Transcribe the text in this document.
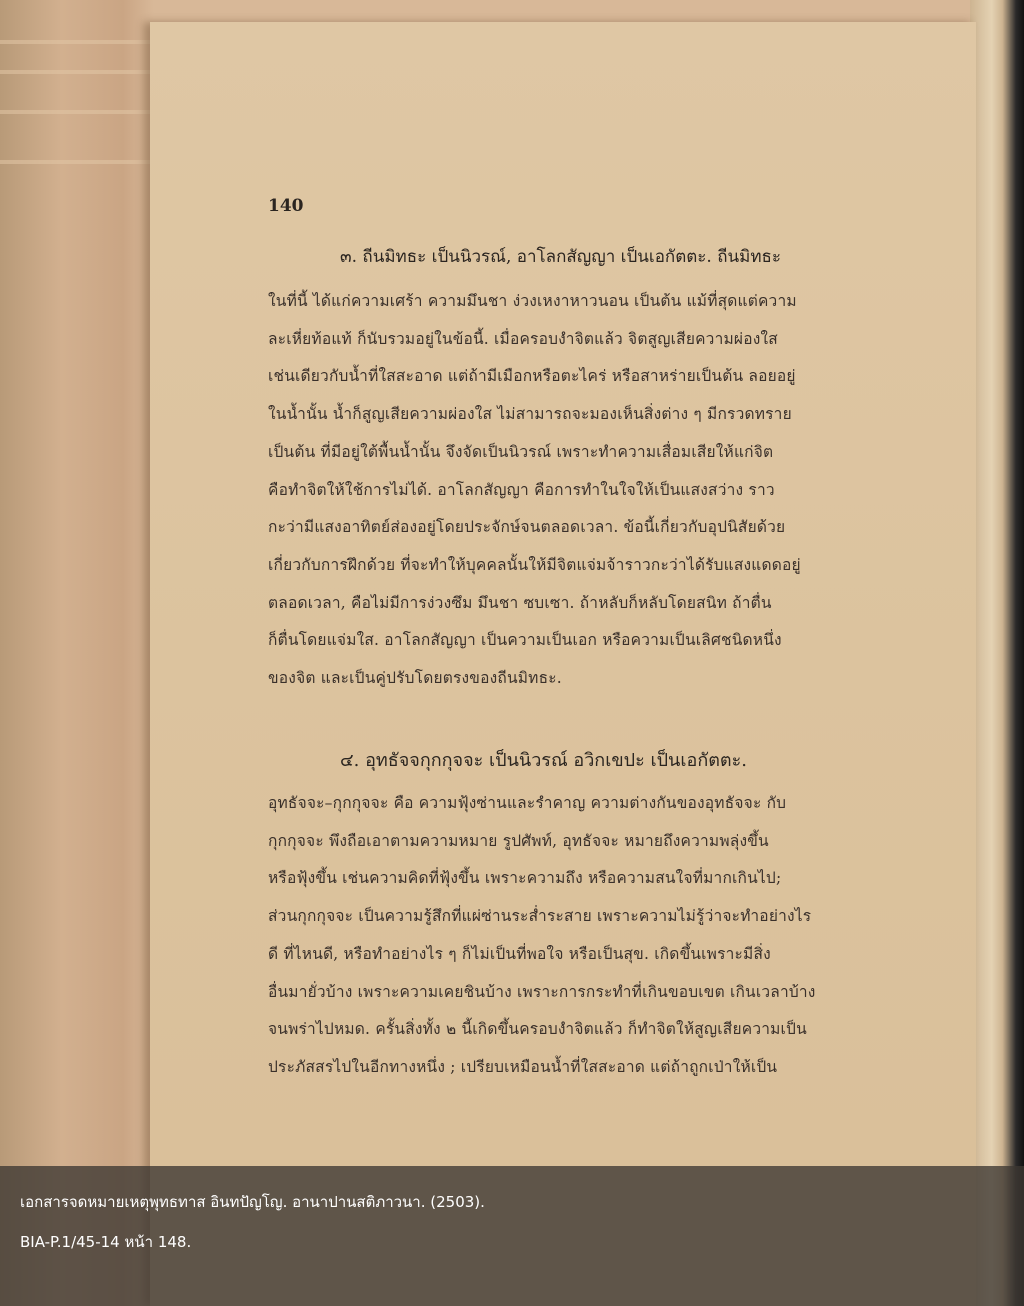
140
๓. ถีนมิทธะ เป็นนิวรณ์, อาโลกสัญญา เป็นเอกัตตะ. ถีนมิทธะ
ในที่นี้ ได้แก่ความเศร้า ความมึนชา ง่วงเหงาหาวนอน เป็นต้น แม้ที่สุดแต่ความ
ละเหี่ยท้อแท้ ก็นับรวมอยู่ในข้อนี้. เมื่อครอบงำจิตแล้ว จิตสูญเสียความผ่องใส
เช่นเดียวกับน้ำที่ใสสะอาด แต่ถ้ามีเมือกหรือตะไคร่ หรือสาหร่ายเป็นต้น ลอยอยู่
ในน้ำนั้น น้ำก็สูญเสียความผ่องใส ไม่สามารถจะมองเห็นสิ่งต่าง ๆ มีกรวดทราย
เป็นต้น ที่มีอยู่ใต้พื้นน้ำนั้น จึงจัดเป็นนิวรณ์ เพราะทำความเสื่อมเสียให้แก่จิต
คือทำจิตให้ใช้การไม่ได้. อาโลกสัญญา คือการทำในใจให้เป็นแสงสว่าง ราว
กะว่ามีแสงอาทิตย์ส่องอยู่โดยประจักษ์จนตลอดเวลา. ข้อนี้เกี่ยวกับอุปนิสัยด้วย
เกี่ยวกับการฝึกด้วย ที่จะทำให้บุคคลนั้นให้มีจิตแจ่มจ้าราวกะว่าได้รับแสงแดดอยู่
ตลอดเวลา, คือไม่มีการง่วงซึม มึนชา ซบเซา. ถ้าหลับก็หลับโดยสนิท ถ้าตื่น
ก็ตื่นโดยแจ่มใส. อาโลกสัญญา เป็นความเป็นเอก หรือความเป็นเลิศชนิดหนึ่ง
ของจิต และเป็นคู่ปรับโดยตรงของถีนมิทธะ.
๔. อุทธัจจกุกกุจจะ เป็นนิวรณ์ อวิกเขปะ เป็นเอกัตตะ.
อุทธัจจะ–กุกกุจจะ คือ ความฟุ้งซ่านและรำคาญ ความต่างกันของอุทธัจจะ กับ
กุกกุจจะ พึงถือเอาตามความหมาย รูปศัพท์, อุทธัจจะ หมายถึงความพลุ่งขึ้น
หรือฟุ้งขึ้น เช่นความคิดที่ฟุ้งขึ้น เพราะความถึง หรือความสนใจที่มากเกินไป;
ส่วนกุกกุจจะ เป็นความรู้สึกที่แผ่ซ่านระส่ำระสาย เพราะความไม่รู้ว่าจะทำอย่างไร
ดี ที่ไหนดี, หรือทำอย่างไร ๆ ก็ไม่เป็นที่พอใจ หรือเป็นสุข. เกิดขึ้นเพราะมีสิ่ง
อื่นมายั่วบ้าง เพราะความเคยชินบ้าง เพราะการกระทำที่เกินขอบเขต เกินเวลาบ้าง
จนพร่าไปหมด. ครั้นสิ่งทั้ง ๒ นี้เกิดขึ้นครอบงำจิตแล้ว ก็ทำจิตให้สูญเสียความเป็น
ประภัสสรไปในอีกทางหนึ่ง ; เปรียบเหมือนน้ำที่ใสสะอาด แต่ถ้าถูกเป่าให้เป็น
เอกสารจดหมายเหตุพุทธทาส อินทปัญโญ. อานาปานสติภาวนา. (2503).
BIA-P.1/45-14 หน้า 148.
